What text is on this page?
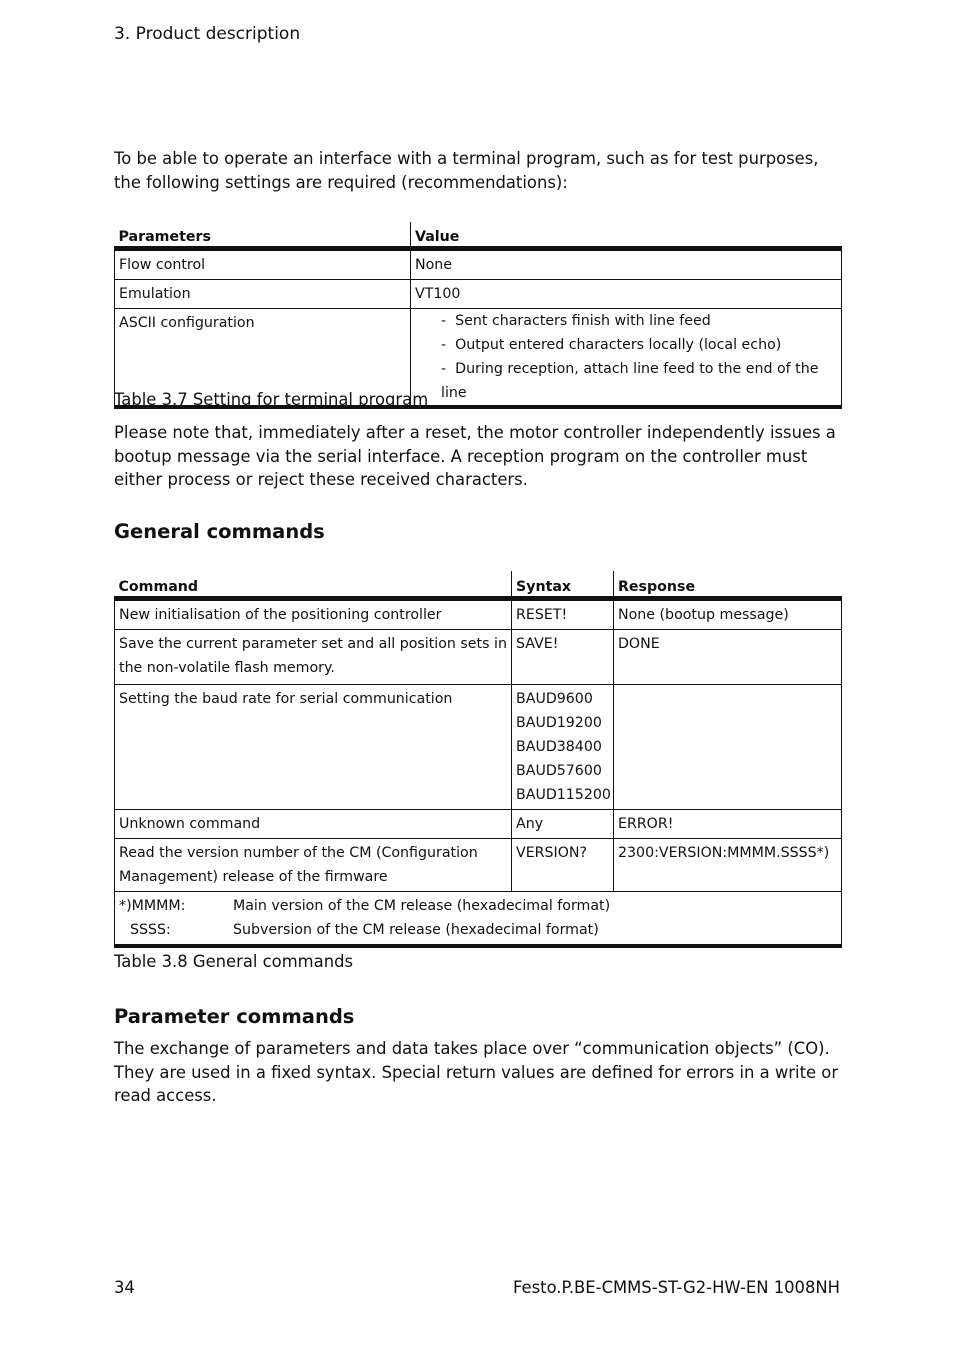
3. Product description
To be able to operate an interface with a terminal program, such as for test purposes, the following settings are required (recommendations):
Parameters	Value
Flow control	None
Emulation	VT100
ASCII configuration	-  Sent characters finish with line feed
-  Output entered characters locally (local echo)
-  During reception, attach line feed to the end of the line
Table 3.7 Setting for terminal program
Please note that, immediately after a reset, the motor controller independently issues a bootup message via the serial interface. A reception program on the controller must either process or reject these received characters.
General commands
Command	Syntax	Response
New initialisation of the positioning controller	RESET!	None (bootup message)
Save the current parameter set and all position sets in the non-volatile flash memory.	SAVE!	DONE
Setting the baud rate for serial communication	BAUD9600
BAUD19200
BAUD38400
BAUD57600
BAUD115200	

Unknown command	Any	ERROR!
Read the version number of the CM (Configuration Management) release of the firmware	VERSION?	2300:VERSION:MMMM.SSSS*)

*)MMMM: Main version of the CM release (hexadecimal format)
SSSS: Subversion of the CM release (hexadecimal format)		
Table 3.8 General commands
Parameter commands
The exchange of parameters and data takes place over “communication objects” (CO). They are used in a fixed syntax. Special return values are defined for errors in a write or read access.
34	Festo.P.BE-CMMS-ST-G2-HW-EN 1008NH
